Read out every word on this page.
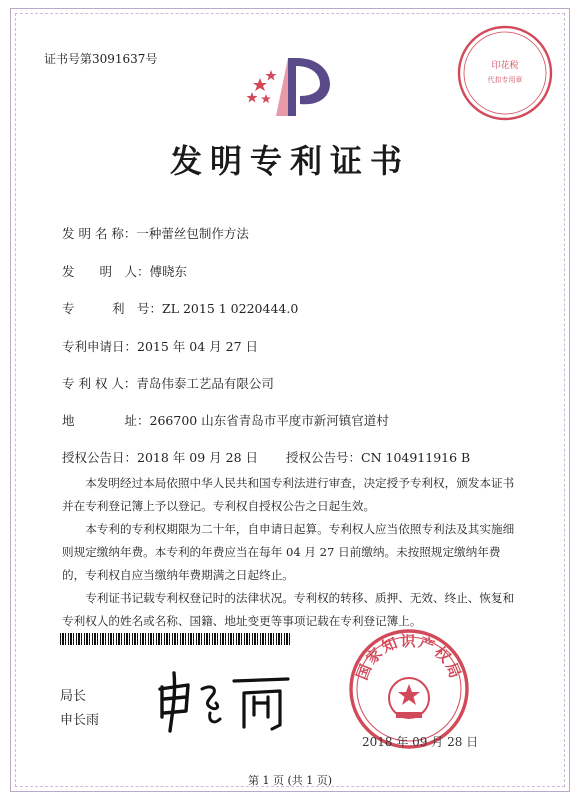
证书号第3091637号	印花税
代扣专用章
发明专利证书
发 明 名 称：一种蕾丝包制作方法
发　　明　人：傅晓东
专　　　利　号：ZL 2015 1 0220444.0
专利申请日：2015 年 04 月 27 日
专 利 权 人：青岛伟泰工艺品有限公司
地　　　　址：266700 山东省青岛市平度市新河镇官道村
授权公告日：2018 年 09 月 28 日 授权公告号：CN 104911916 B
本发明经过本局依照中华人民共和国专利法进行审查，决定授予专利权，颁发本证书并在专利登记簿上予以登记。专利权自授权公告之日起生效。
本专利的专利权期限为二十年，自申请日起算。专利权人应当依照专利法及其实施细则规定缴纳年费。本专利的年费应当在每年 04 月 27 日前缴纳。未按照规定缴纳年费的，专利权自应当缴纳年费期满之日起终止。
专利证书记载专利权登记时的法律状况。专利权的转移、质押、无效、终止、恢复和专利权人的姓名或名称、国籍、地址变更等事项记载在专利登记簿上。
局长
申长雨
国家知识产权局
2018 年 09 月 28 日
第 1 页 (共 1 页)
